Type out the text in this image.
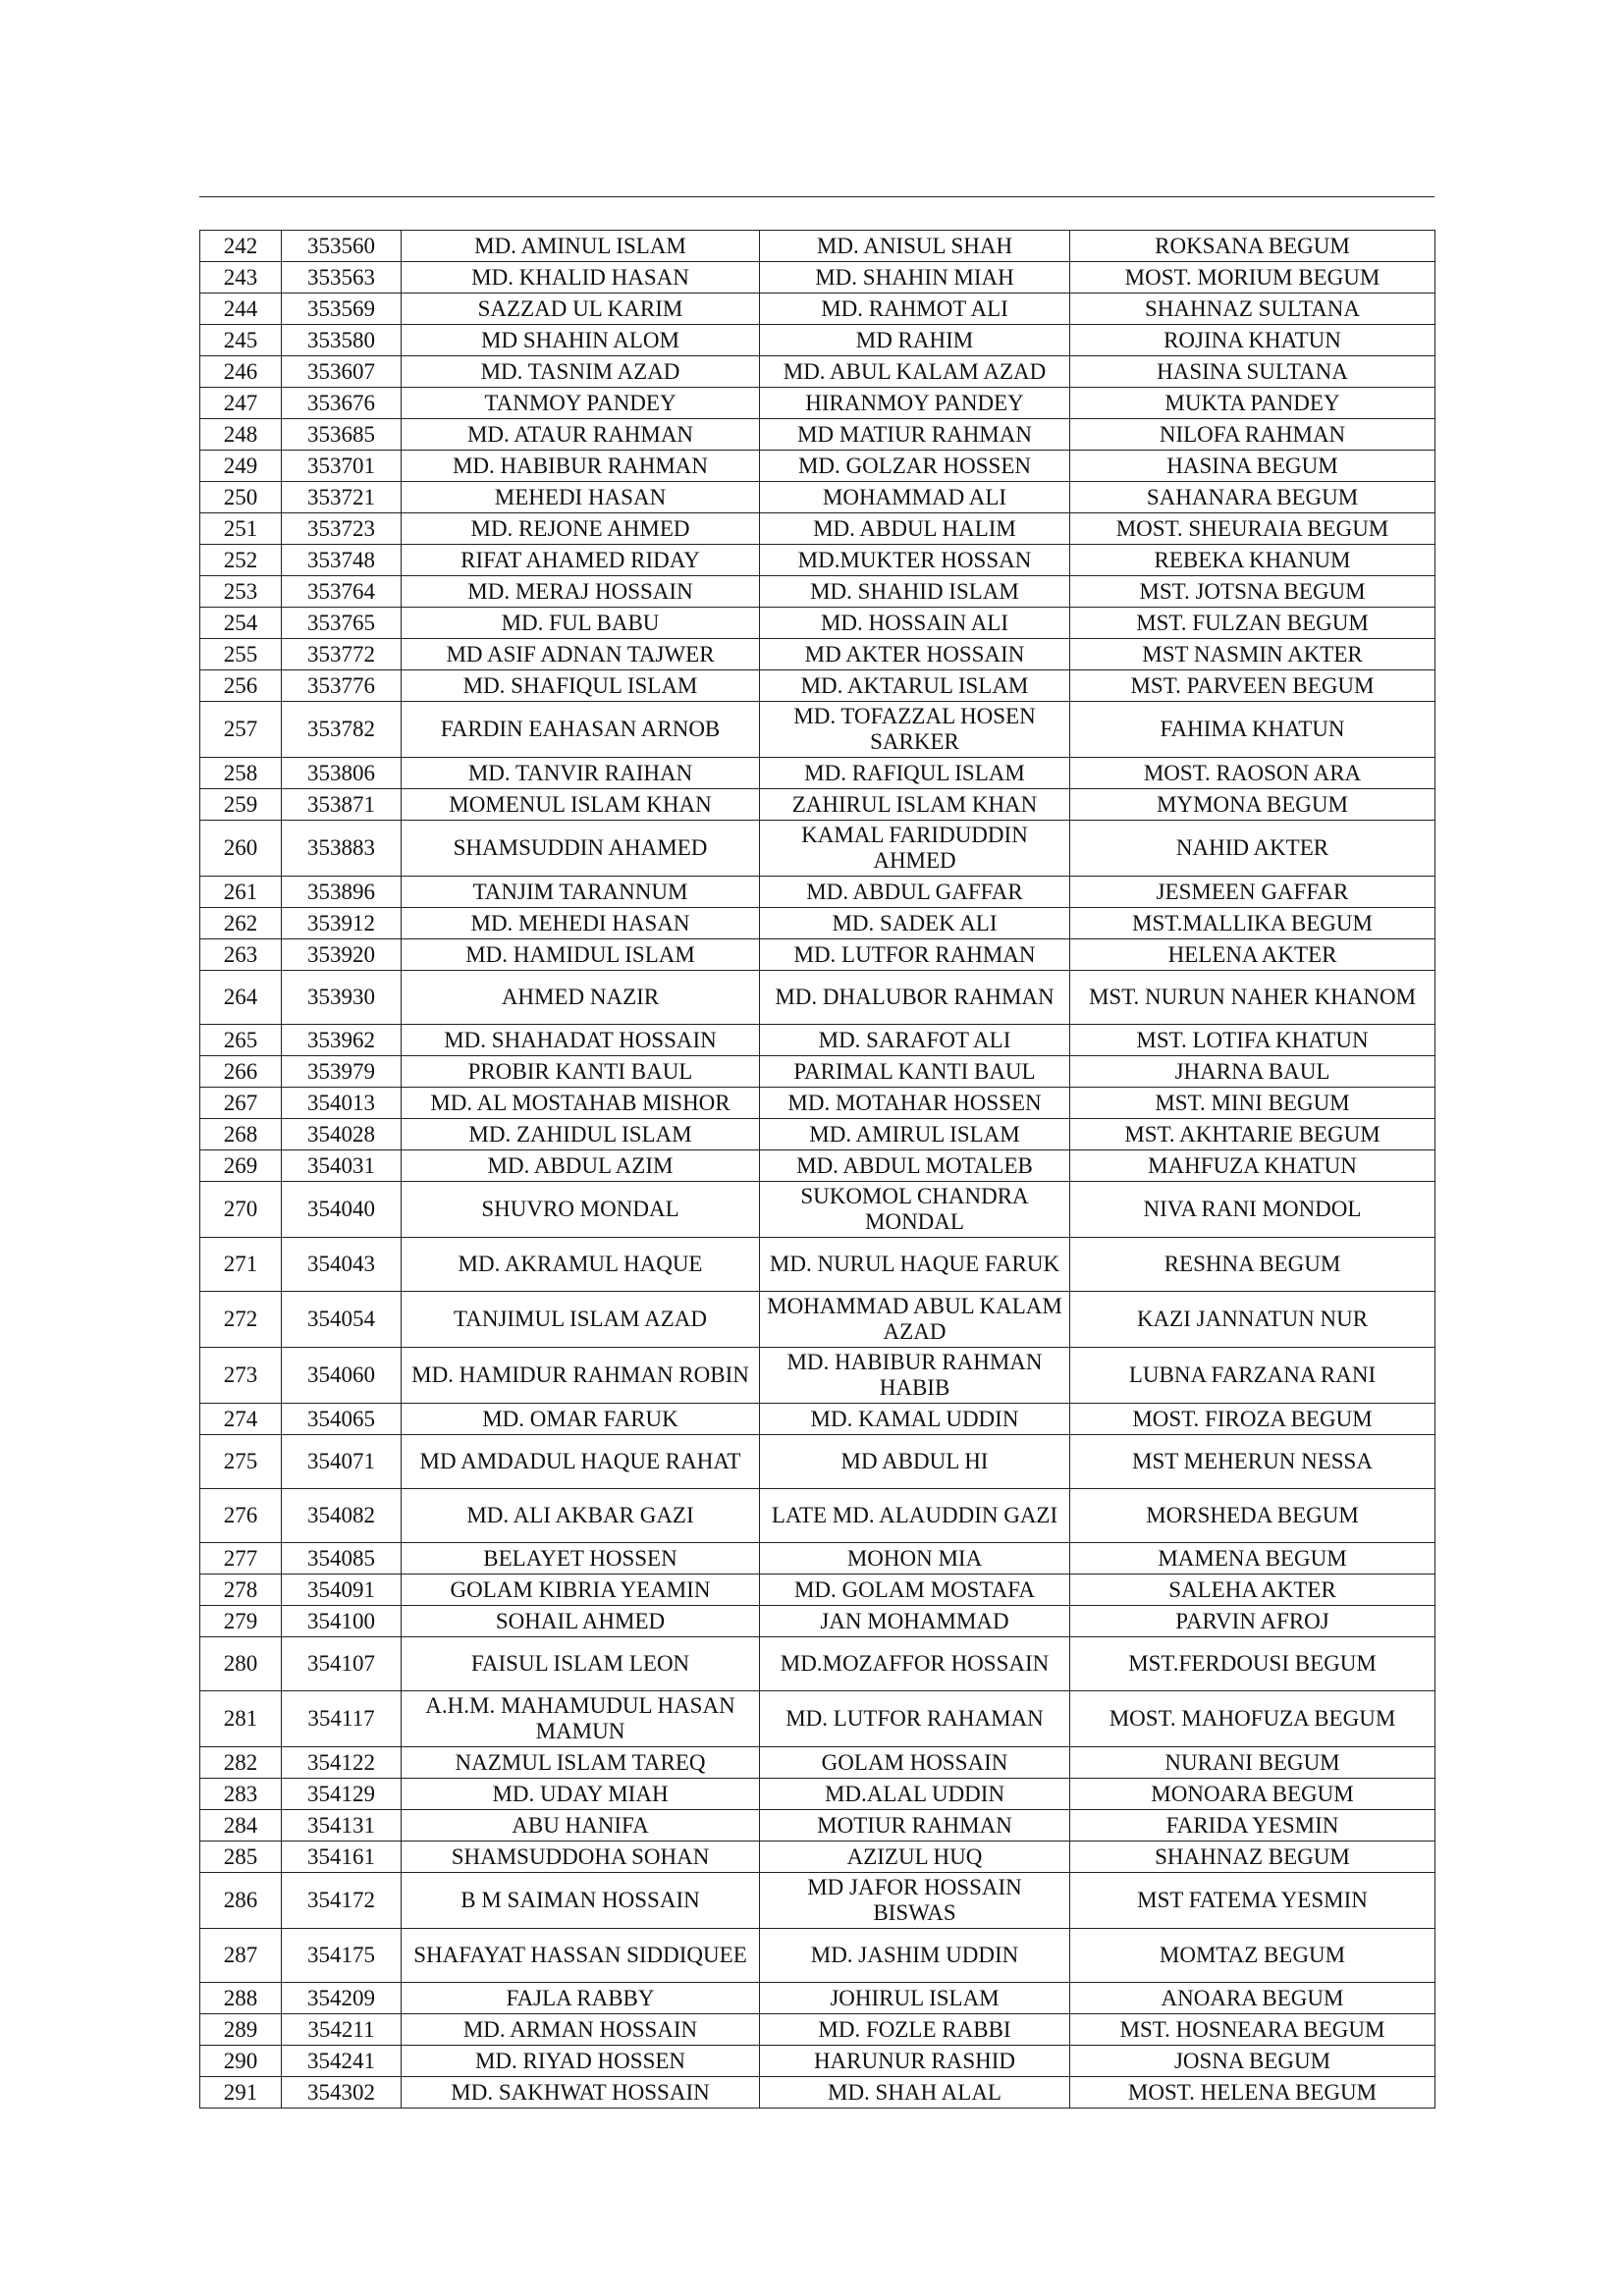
242	353560	MD. AMINUL ISLAM	MD. ANISUL SHAH	ROKSANA BEGUM
243	353563	MD. KHALID HASAN	MD. SHAHIN MIAH	MOST. MORIUM BEGUM
244	353569	SAZZAD UL KARIM	MD. RAHMOT ALI	SHAHNAZ SULTANA
245	353580	MD SHAHIN ALOM	MD RAHIM	ROJINA KHATUN
246	353607	MD. TASNIM AZAD	MD. ABUL KALAM AZAD	HASINA SULTANA
247	353676	TANMOY PANDEY	HIRANMOY PANDEY	MUKTA PANDEY
248	353685	MD. ATAUR RAHMAN	MD MATIUR RAHMAN	NILOFA RAHMAN
249	353701	MD. HABIBUR RAHMAN	MD. GOLZAR HOSSEN	HASINA BEGUM
250	353721	MEHEDI HASAN	MOHAMMAD ALI	SAHANARA BEGUM
251	353723	MD. REJONE AHMED	MD. ABDUL HALIM	MOST. SHEURAIA BEGUM
252	353748	RIFAT AHAMED RIDAY	MD.MUKTER HOSSAN	REBEKA KHANUM
253	353764	MD. MERAJ HOSSAIN	MD. SHAHID ISLAM	MST. JOTSNA BEGUM
254	353765	MD. FUL BABU	MD. HOSSAIN ALI	MST. FULZAN BEGUM
255	353772	MD ASIF ADNAN TAJWER	MD AKTER HOSSAIN	MST NASMIN AKTER
256	353776	MD. SHAFIQUL ISLAM	MD. AKTARUL ISLAM	MST. PARVEEN BEGUM
257	353782	FARDIN EAHASAN ARNOB	MD. TOFAZZAL HOSEN SARKER	FAHIMA KHATUN
258	353806	MD. TANVIR RAIHAN	MD. RAFIQUL ISLAM	MOST. RAOSON ARA
259	353871	MOMENUL ISLAM KHAN	ZAHIRUL ISLAM KHAN	MYMONA BEGUM
260	353883	SHAMSUDDIN AHAMED	KAMAL FARIDUDDIN AHMED	NAHID AKTER
261	353896	TANJIM TARANNUM	MD. ABDUL GAFFAR	JESMEEN GAFFAR
262	353912	MD. MEHEDI HASAN	MD. SADEK ALI	MST.MALLIKA BEGUM
263	353920	MD. HAMIDUL ISLAM	MD. LUTFOR RAHMAN	HELENA AKTER
264	353930	AHMED NAZIR	MD. DHALUBOR RAHMAN	MST. NURUN NAHER KHANOM
265	353962	MD. SHAHADAT HOSSAIN	MD. SARAFOT ALI	MST. LOTIFA KHATUN
266	353979	PROBIR KANTI BAUL	PARIMAL KANTI BAUL	JHARNA BAUL
267	354013	MD. AL MOSTAHAB MISHOR	MD. MOTAHAR HOSSEN	MST. MINI BEGUM
268	354028	MD. ZAHIDUL ISLAM	MD. AMIRUL ISLAM	MST. AKHTARIE BEGUM
269	354031	MD. ABDUL AZIM	MD. ABDUL MOTALEB	MAHFUZA KHATUN
270	354040	SHUVRO MONDAL	SUKOMOL CHANDRA MONDAL	NIVA RANI MONDOL
271	354043	MD. AKRAMUL HAQUE	MD. NURUL HAQUE FARUK	RESHNA BEGUM
272	354054	TANJIMUL ISLAM AZAD	MOHAMMAD ABUL KALAM AZAD	KAZI JANNATUN NUR
273	354060	MD. HAMIDUR RAHMAN ROBIN	MD. HABIBUR RAHMAN HABIB	LUBNA FARZANA RANI
274	354065	MD. OMAR FARUK	MD. KAMAL UDDIN	MOST. FIROZA BEGUM
275	354071	MD AMDADUL HAQUE RAHAT	MD ABDUL HI	MST MEHERUN NESSA
276	354082	MD. ALI AKBAR GAZI	LATE MD. ALAUDDIN GAZI	MORSHEDA BEGUM
277	354085	BELAYET HOSSEN	MOHON MIA	MAMENA BEGUM
278	354091	GOLAM KIBRIA YEAMIN	MD. GOLAM MOSTAFA	SALEHA AKTER
279	354100	SOHAIL AHMED	JAN MOHAMMAD	PARVIN AFROJ
280	354107	FAISUL ISLAM LEON	MD.MOZAFFOR HOSSAIN	MST.FERDOUSI BEGUM
281	354117	A.H.M. MAHAMUDUL HASAN MAMUN	MD. LUTFOR RAHAMAN	MOST. MAHOFUZA BEGUM
282	354122	NAZMUL ISLAM TAREQ	GOLAM HOSSAIN	NURANI BEGUM
283	354129	MD. UDAY MIAH	MD.ALAL UDDIN	MONOARA BEGUM
284	354131	ABU HANIFA	MOTIUR RAHMAN	FARIDA YESMIN
285	354161	SHAMSUDDOHA SOHAN	AZIZUL HUQ	SHAHNAZ BEGUM
286	354172	B M SAIMAN HOSSAIN	MD JAFOR HOSSAIN BISWAS	MST FATEMA YESMIN
287	354175	SHAFAYAT HASSAN SIDDIQUEE	MD. JASHIM UDDIN	MOMTAZ BEGUM
288	354209	FAJLA RABBY	JOHIRUL ISLAM	ANOARA BEGUM
289	354211	MD. ARMAN HOSSAIN	MD. FOZLE RABBI	MST. HOSNEARA BEGUM
290	354241	MD. RIYAD HOSSEN	HARUNUR RASHID	JOSNA BEGUM
291	354302	MD. SAKHWAT HOSSAIN	MD. SHAH ALAL	MOST. HELENA BEGUM
